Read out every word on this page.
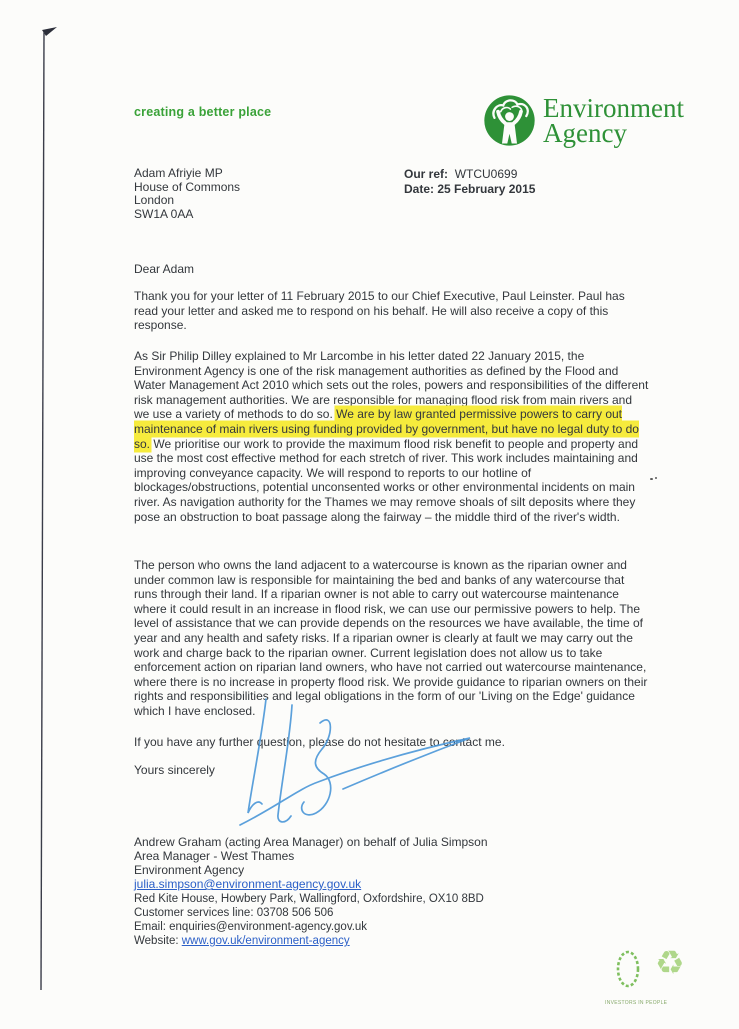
creating a better place	Environment
Agency
Adam Afriyie MP
House of Commons
London
SW1A 0AA
Our ref: WTCU0699
Date: 25 February 2015
Dear Adam
Thank you for your letter of 11 February 2015 to our Chief Executive, Paul Leinster. Paul has read your letter and asked me to respond on his behalf. He will also receive a copy of this response.
As Sir Philip Dilley explained to Mr Larcombe in his letter dated 22 January 2015, the Environment Agency is one of the risk management authorities as defined by the Flood and Water Management Act 2010 which sets out the roles, powers and responsibilities of the different risk management authorities. We are responsible for managing flood risk from main rivers and we use a variety of methods to do so. We are by law granted permissive powers to carry out maintenance of main rivers using funding provided by government, but have no legal duty to do so. We prioritise our work to provide the maximum flood risk benefit to people and property and use the most cost effective method for each stretch of river. This work includes maintaining and improving conveyance capacity. We will respond to reports to our hotline of blockages/obstructions, potential unconsented works or other environmental incidents on main river. As navigation authority for the Thames we may remove shoals of silt deposits where they pose an obstruction to boat passage along the fairway – the middle third of the river's width.
The person who owns the land adjacent to a watercourse is known as the riparian owner and under common law is responsible for maintaining the bed and banks of any watercourse that runs through their land. If a riparian owner is not able to carry out watercourse maintenance where it could result in an increase in flood risk, we can use our permissive powers to help. The level of assistance that we can provide depends on the resources we have available, the time of year and any health and safety risks. If a riparian owner is clearly at fault we may carry out the work and charge back to the riparian owner. Current legislation does not allow us to take enforcement action on riparian land owners, who have not carried out watercourse maintenance, where there is no increase in property flood risk. We provide guidance to riparian owners on their rights and responsibilities and legal obligations in the form of our 'Living on the Edge' guidance which I have enclosed.
If you have any further question, please do not hesitate to contact me.
Yours sincerely
Andrew Graham (acting Area Manager) on behalf of Julia Simpson
Area Manager - West Thames
Environment Agency
julia.simpson@environment-agency.gov.uk
Red Kite House, Howbery Park, Wallingford, Oxfordshire, OX10 8BD
Customer services line: 03708 506 506
Email: enquiries@environment-agency.gov.uk
Website: www.gov.uk/environment-agency
INVESTORS IN PEOPLE
♻
